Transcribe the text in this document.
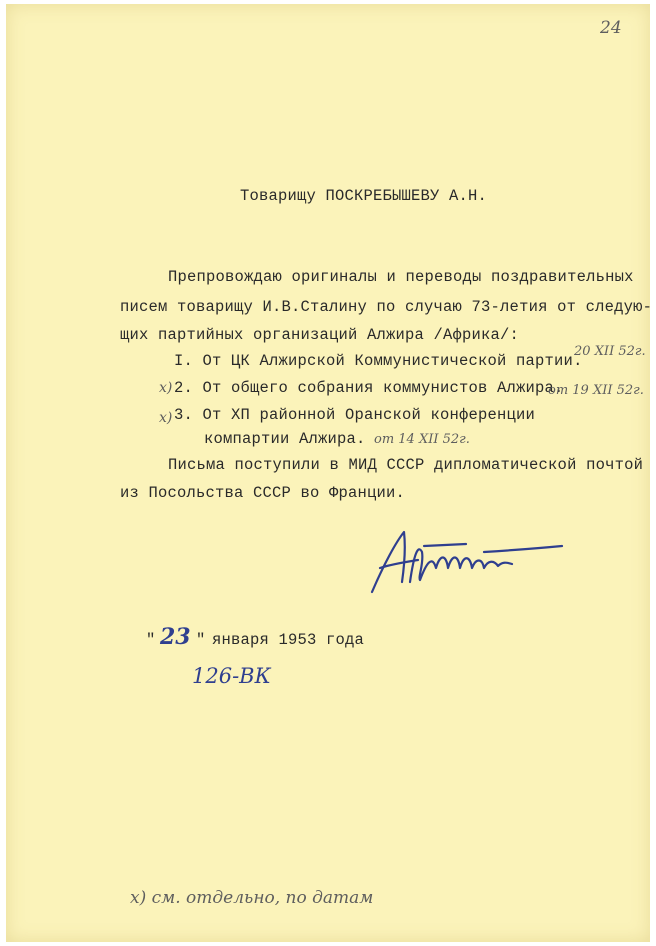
24
Товарищу ПОСКРЕБЫШЕВУ А.Н.
Препровождаю оригиналы и переводы поздравительных
писем товарищу И.В.Сталину по случаю 73-летия от следую-
щих партийных организаций Алжира /Африка/:
I. От ЦК Алжирской Коммунистической партии.
20 XII 52г.
x) 2. От общего собрания коммунистов Алжира.
от 19 XII 52г.
x) 3. От XП районной Оранской конференции
компартии Алжира. от 14 XII 52г.
Письма поступили в МИД СССР дипломатической почтой
из Посольства СССР во Франции.
" 23 " января 1953 года
126-ВК
х) см. отдельно, по датам
